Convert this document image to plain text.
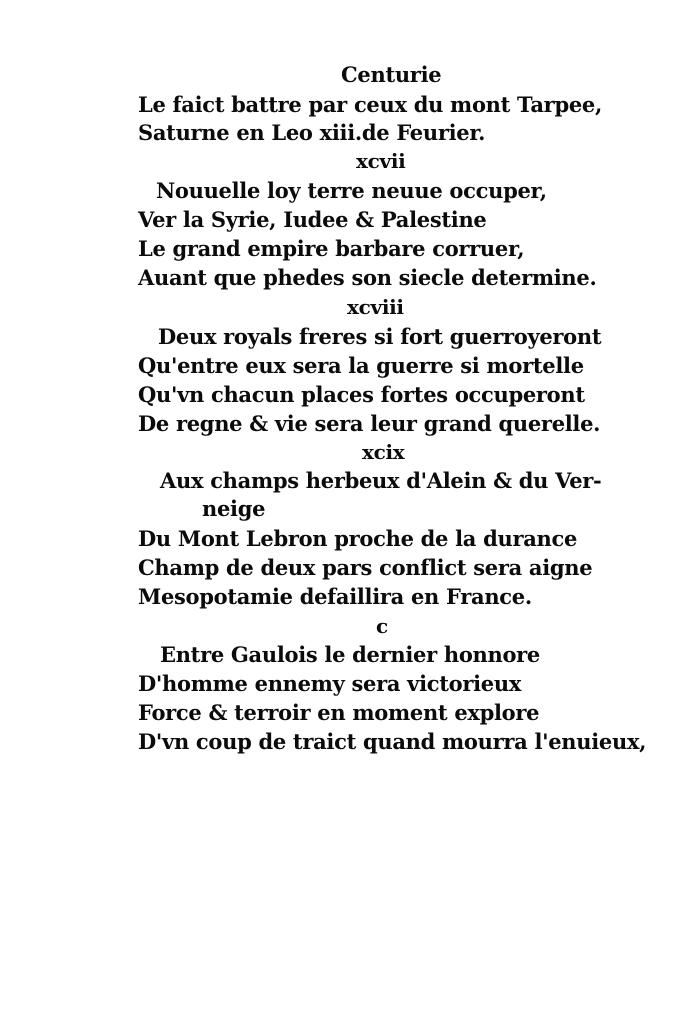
Centurie
Le faict battre par ceux du mont Tarpee,
Saturne en Leo xiii.de Feurier.
xcvii
Nouuelle loy terre neuue occuper,
Ver la Syrie, Iudee & Palestine
Le grand empire barbare corruer,
Auant que phedes son siecle determine.
xcviii
Deux royals freres si fort guerroyeront
Qu'entre eux sera la guerre si mortelle
Qu'vn chacun places fortes occuperont
De regne & vie sera leur grand querelle.
xcix
Aux champs herbeux d'Alein & du Ver-
neige
Du Mont Lebron proche de la durance
Champ de deux pars conflict sera aigne
Mesopotamie defaillira en France.
c
Entre Gaulois le dernier honnore
D'homme ennemy sera victorieux
Force & terroir en moment explore
D'vn coup de traict quand mourra l'enuieux,
